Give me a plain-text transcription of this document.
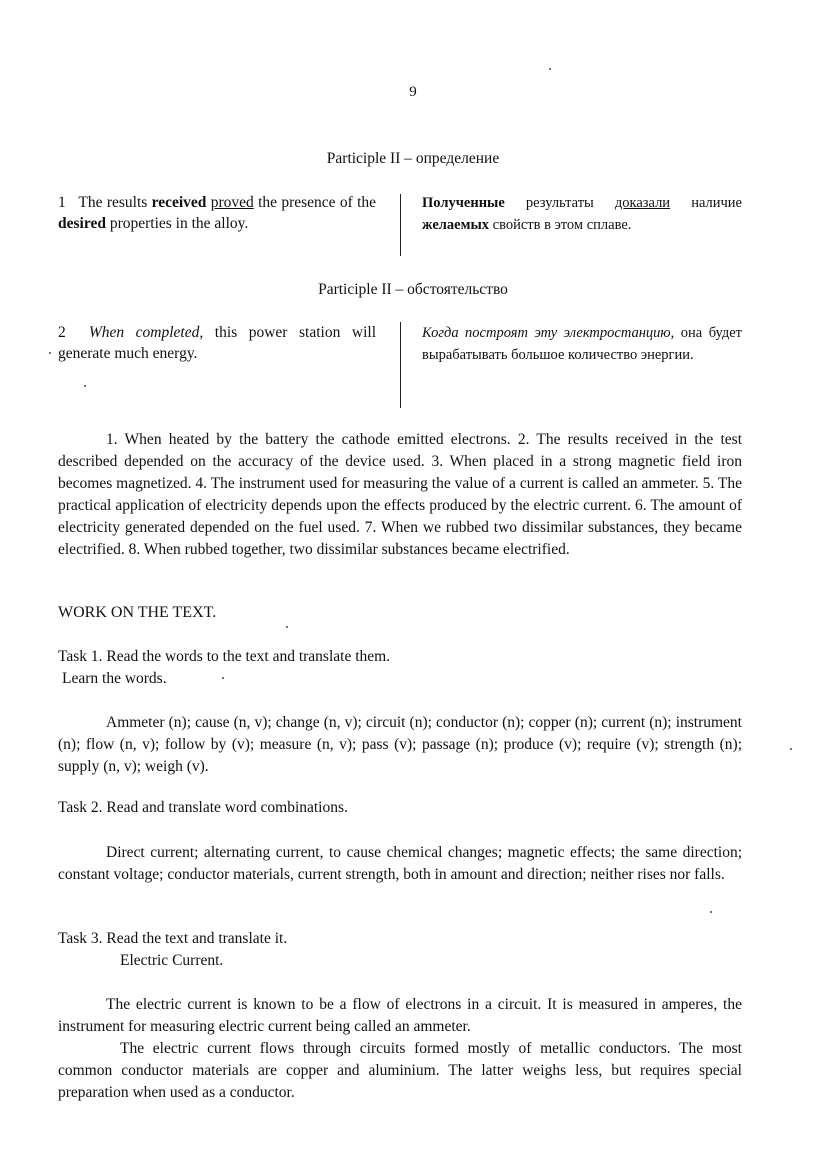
9
Participle II – определение
1 The results received proved the presence of the desired properties in the alloy.
Полученные результаты доказали наличие желаемых свойств в этом сплаве.
Participle II – обстоятельство
2 When completed, this power station will generate much energy.
Когда построят эту электростанцию, она будет вырабатывать большое количество энергии.
1. When heated by the battery the cathode emitted electrons. 2. The results received in the test described depended on the accuracy of the device used. 3. When placed in a strong magnetic field iron becomes magnetized. 4. The instrument used for measuring the value of a current is called an ammeter. 5. The practical application of electricity depends upon the effects produced by the electric current. 6. The amount of electricity generated depended on the fuel used. 7. When we rubbed two dissimilar substances, they became electrified. 8. When rubbed together, two dissimilar substances became electrified.
WORK ON THE TEXT.
Task 1. Read the words to the text and translate them.
Learn the words.
Ammeter (n); cause (n, v); change (n, v); circuit (n); conductor (n); copper (n); current (n); instrument (n); flow (n, v); follow by (v); measure (n, v); pass (v); passage (n); produce (v); require (v); strength (n); supply (n, v); weigh (v).
Task 2. Read and translate word combinations.
Direct current; alternating current, to cause chemical changes; magnetic effects; the same direction; constant voltage; conductor materials, current strength, both in amount and direction; neither rises nor falls.
Task 3. Read the text and translate it.
Electric Current.
The electric current is known to be a flow of electrons in a circuit. It is measured in amperes, the instrument for measuring electric current being called an ammeter.
The electric current flows through circuits formed mostly of metallic conductors. The most common conductor materials are copper and aluminium. The latter weighs less, but requires special preparation when used as a conductor.
